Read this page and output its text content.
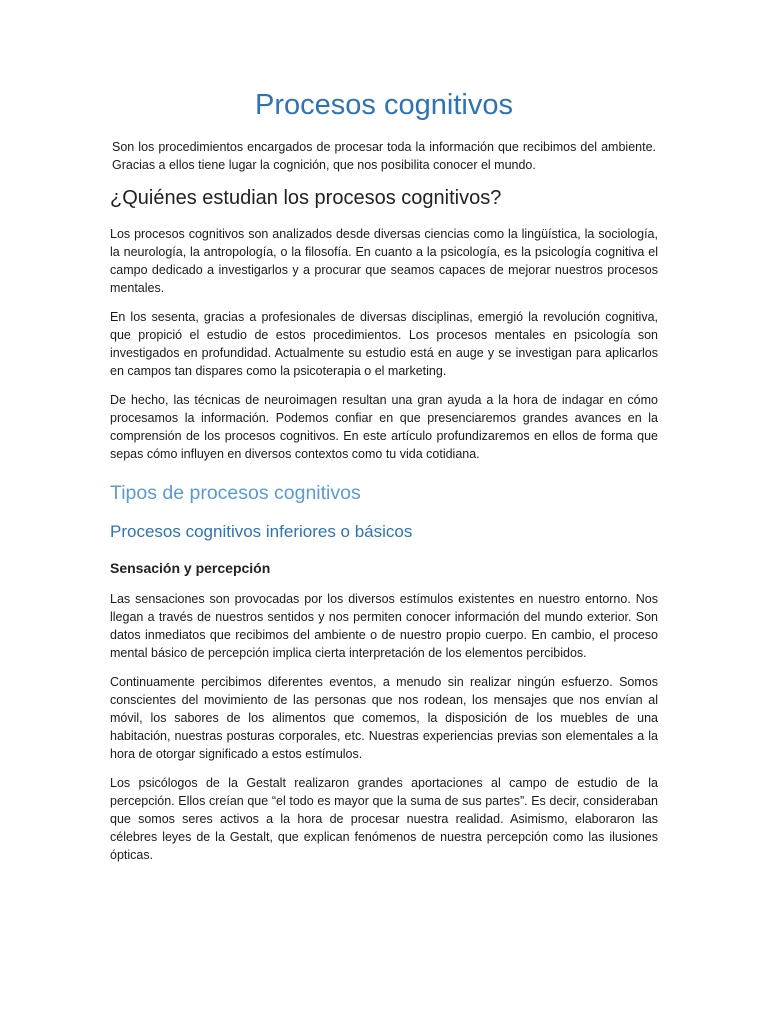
Procesos cognitivos

Son los procedimientos encargados de procesar toda la información que recibimos del ambiente. Gracias a ellos tiene lugar la cognición, que nos posibilita conocer el mundo.

¿Quiénes estudian los procesos cognitivos?

Los procesos cognitivos son analizados desde diversas ciencias como la lingüística, la sociología, la neurología, la antropología, o la filosofía. En cuanto a la psicología, es la psicología cognitiva el campo dedicado a investigarlos y a procurar que seamos capaces de mejorar nuestros procesos mentales.

En los sesenta, gracias a profesionales de diversas disciplinas, emergió la revolución cognitiva, que propició el estudio de estos procedimientos. Los procesos mentales en psicología son investigados en profundidad. Actualmente su estudio está en auge y se investigan para aplicarlos en campos tan dispares como la psicoterapia o el marketing.

De hecho, las técnicas de neuroimagen resultan una gran ayuda a la hora de indagar en cómo procesamos la información. Podemos confiar en que presenciaremos grandes avances en la comprensión de los procesos cognitivos. En este artículo profundizaremos en ellos de forma que sepas cómo influyen en diversos contextos como tu vida cotidiana.

Tipos de procesos cognitivos
Procesos cognitivos inferiores o básicos
Sensación y percepción

Las sensaciones son provocadas por los diversos estímulos existentes en nuestro entorno. Nos llegan a través de nuestros sentidos y nos permiten conocer información del mundo exterior. Son datos inmediatos que recibimos del ambiente o de nuestro propio cuerpo. En cambio, el proceso mental básico de percepción implica cierta interpretación de los elementos percibidos.

Continuamente percibimos diferentes eventos, a menudo sin realizar ningún esfuerzo. Somos conscientes del movimiento de las personas que nos rodean, los mensajes que nos envían al móvil, los sabores de los alimentos que comemos, la disposición de los muebles de una habitación, nuestras posturas corporales, etc. Nuestras experiencias previas son elementales a la hora de otorgar significado a estos estímulos.

Los psicólogos de la Gestalt realizaron grandes aportaciones al campo de estudio de la percepción. Ellos creían que “el todo es mayor que la suma de sus partes”. Es decir, consideraban que somos seres activos a la hora de procesar nuestra realidad. Asimismo, elaboraron las célebres leyes de la Gestalt, que explican fenómenos de nuestra percepción como las ilusiones ópticas.
